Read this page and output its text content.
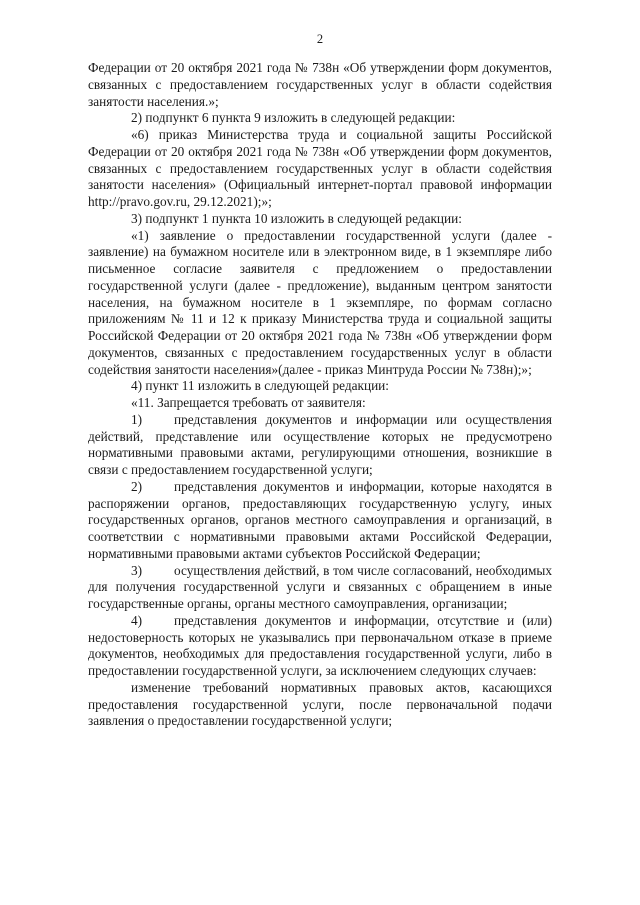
2

Федерации от 20 октября 2021 года № 738н «Об утверждении форм документов, связанных с предоставлением государственных услуг в области содействия занятости населения.»;

2) подпункт 6 пункта 9 изложить в следующей редакции:

«6) приказ Министерства труда и социальной защиты Российской Федерации от 20 октября 2021 года № 738н «Об утверждении форм документов, связанных с предоставлением государственных услуг в области содействия занятости населения» (Официальный интернет-портал правовой информации http://pravo.gov.ru, 29.12.2021);»;

3) подпункт 1 пункта 10 изложить в следующей редакции:

«1) заявление о предоставлении государственной услуги (далее - заявление) на бумажном носителе или в электронном виде, в 1 экземпляре либо письменное согласие заявителя с предложением о предоставлении государственной услуги (далее - предложение), выданным центром занятости населения, на бумажном носителе в 1 экземпляре, по формам согласно приложениям № 11 и 12 к приказу Министерства труда и социальной защиты Российской Федерации от 20 октября 2021 года № 738н «Об утверждении форм документов, связанных с предоставлением государственных услуг в области содействия занятости населения»(далее - приказ Минтруда России № 738н);»;

4) пункт 11 изложить в следующей редакции:

«11. Запрещается требовать от заявителя:

1) представления документов и информации или осуществления действий, представление или осуществление которых не предусмотрено нормативными правовыми актами, регулирующими отношения, возникшие в связи с предоставлением государственной услуги;

2) представления документов и информации, которые находятся в распоряжении органов, предоставляющих государственную услугу, иных государственных органов, органов местного самоуправления и организаций, в соответствии с нормативными правовыми актами Российской Федерации, нормативными правовыми актами субъектов Российской Федерации;

3) осуществления действий, в том числе согласований, необходимых для получения государственной услуги и связанных с обращением в иные государственные органы, органы местного самоуправления, организации;

4) представления документов и информации, отсутствие и (или) недостоверность которых не указывались при первоначальном отказе в приеме документов, необходимых для предоставления государственной услуги, либо в предоставлении государственной услуги, за исключением следующих случаев:

изменение требований нормативных правовых актов, касающихся предоставления государственной услуги, после первоначальной подачи заявления о предоставлении государственной услуги;
